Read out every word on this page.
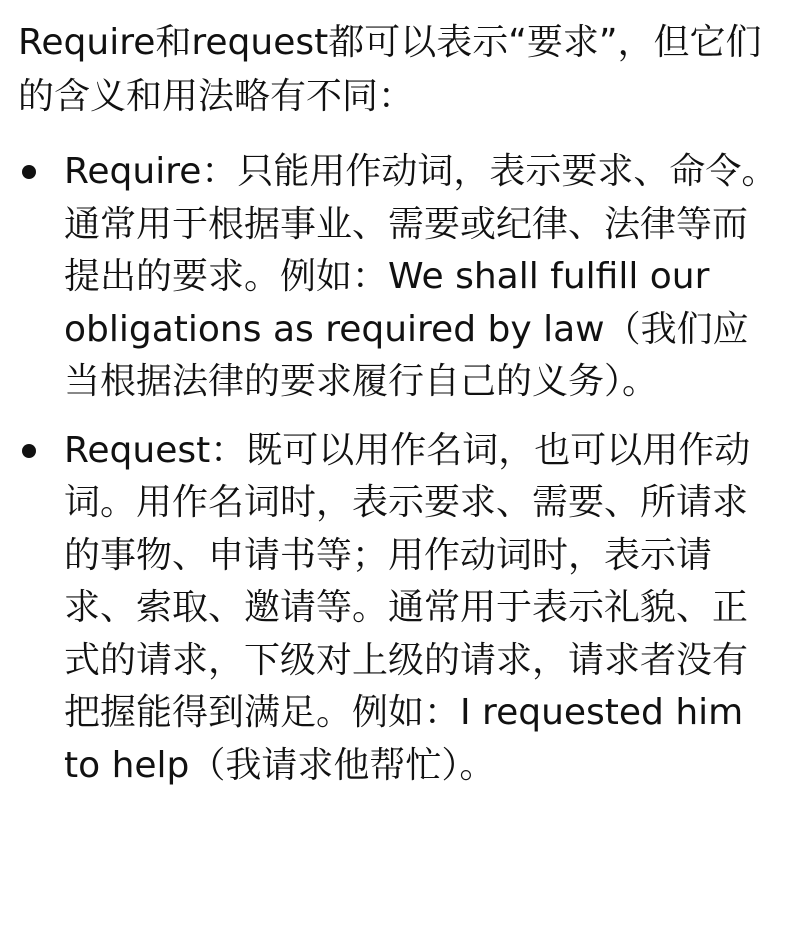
Require和request都可以表示“要求”，但它们的含义和用法略有不同：

Require：只能用作动词，表示要求、命令。通常用于根据事业、需要或纪律、法律等而提出的要求。例如：We shall fulfill our obligations as required by law（我们应当根据法律的要求履行自己的义务）。
Request：既可以用作名词，也可以用作动词。用作名词时，表示要求、需要、所请求的事物、申请书等；用作动词时，表示请求、索取、邀请等。通常用于表示礼貌、正式的请求，下级对上级的请求，请求者没有把握能得到满足。例如：I requested him to help（我请求他帮忙）。
